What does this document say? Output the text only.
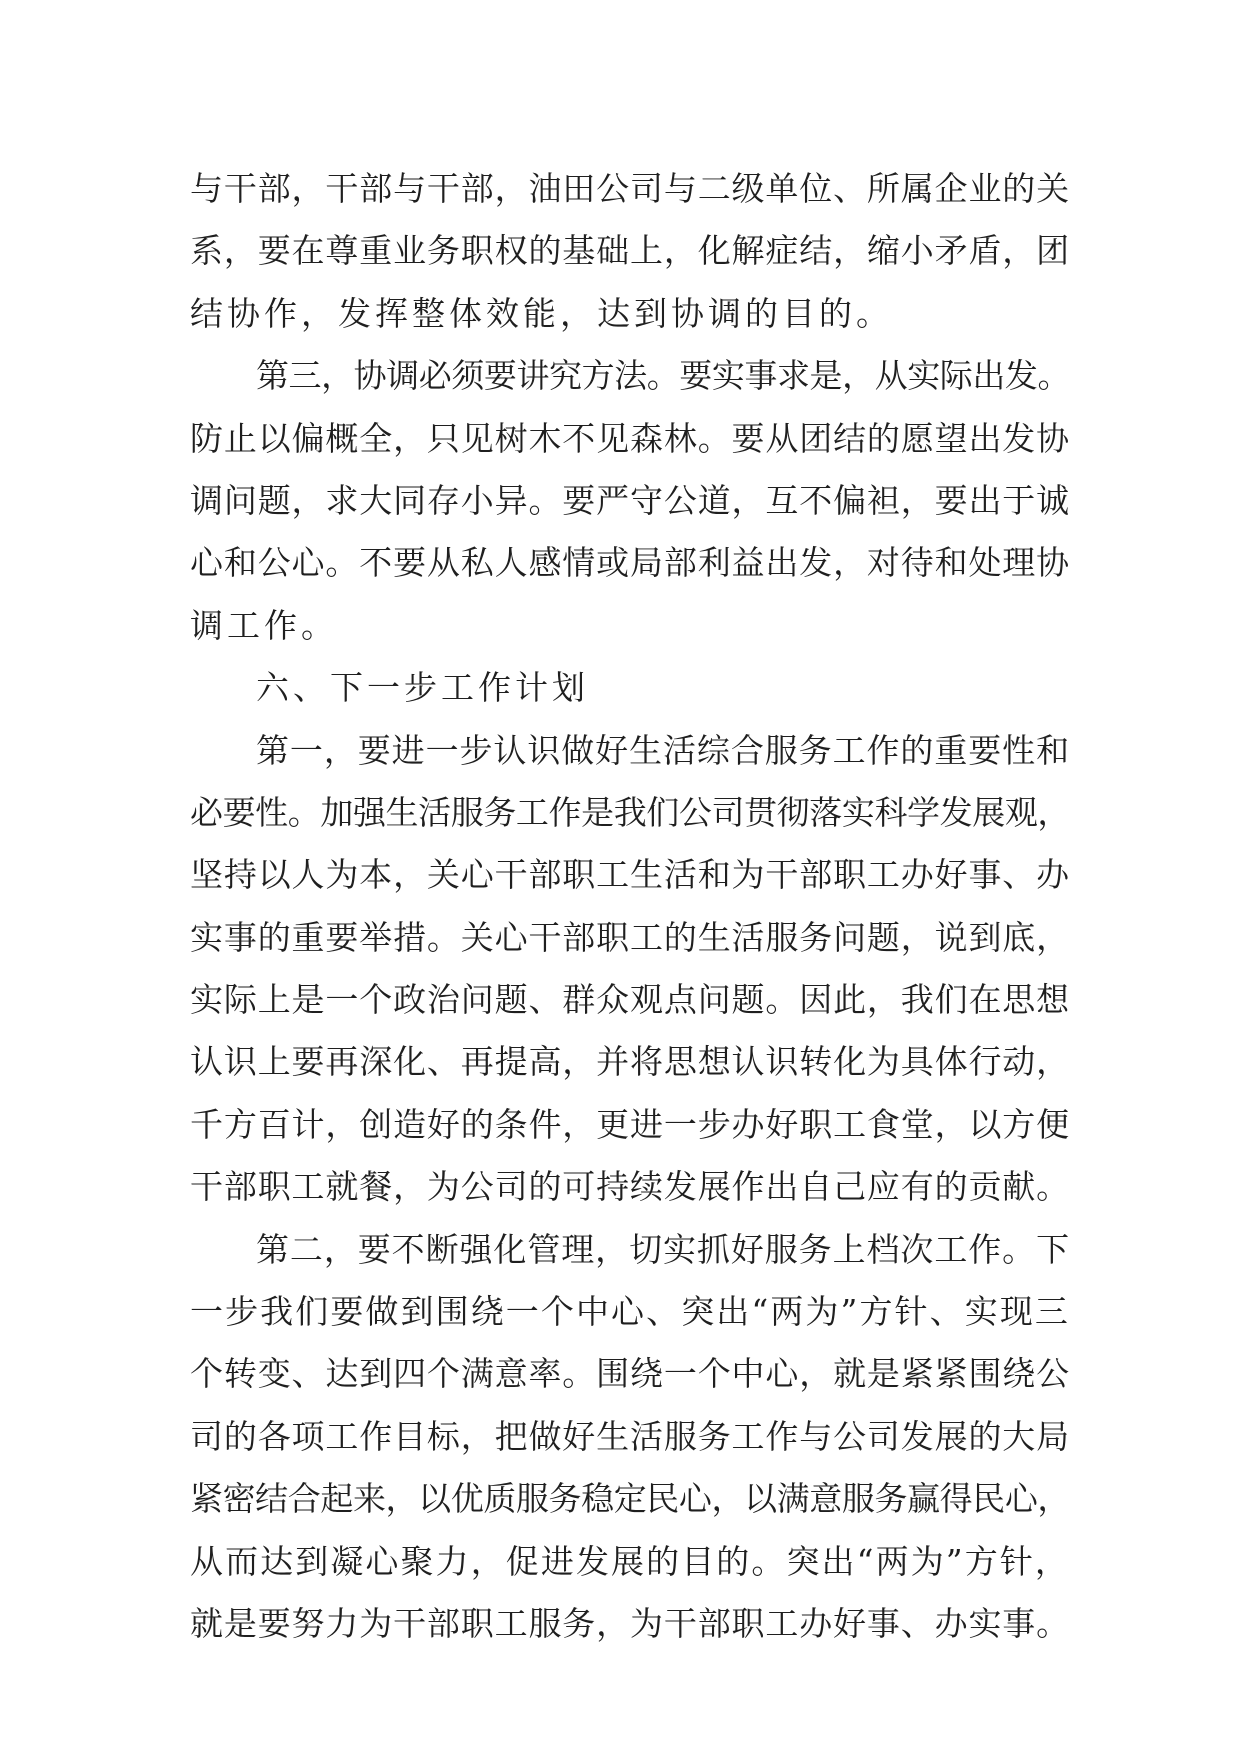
与干部，干部与干部，油田公司与二级单位、所属企业的关
系，要在尊重业务职权的基础上，化解症结，缩小矛盾，团
结协作，发挥整体效能，达到协调的目的。
第三，协调必须要讲究方法。要实事求是，从实际出发。
防止以偏概全，只见树木不见森林。要从团结的愿望出发协
调问题，求大同存小异。要严守公道，互不偏袒，要出于诚
心和公心。不要从私人感情或局部利益出发，对待和处理协
调工作。
六、下一步工作计划
第一，要进一步认识做好生活综合服务工作的重要性和
必要性。加强生活服务工作是我们公司贯彻落实科学发展观，
坚持以人为本，关心干部职工生活和为干部职工办好事、办
实事的重要举措。关心干部职工的生活服务问题，说到底，
实际上是一个政治问题、群众观点问题。因此，我们在思想
认识上要再深化、再提高，并将思想认识转化为具体行动，
千方百计，创造好的条件，更进一步办好职工食堂，以方便
干部职工就餐，为公司的可持续发展作出自己应有的贡献。
第二，要不断强化管理，切实抓好服务上档次工作。下
一步我们要做到围绕一个中心、突出“两为”方针、实现三
个转变、达到四个满意率。围绕一个中心，就是紧紧围绕公
司的各项工作目标，把做好生活服务工作与公司发展的大局
紧密结合起来，以优质服务稳定民心，以满意服务赢得民心，
从而达到凝心聚力，促进发展的目的。突出“两为”方针，
就是要努力为干部职工服务，为干部职工办好事、办实事。
